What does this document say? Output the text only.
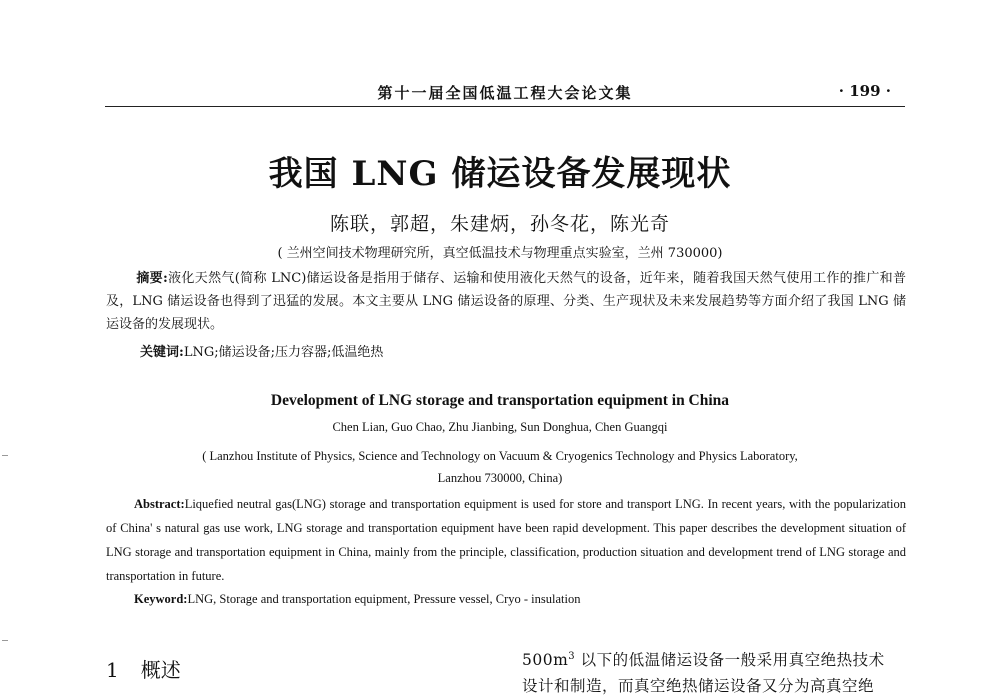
第十一届全国低温工程大会论文集	· 199 ·
我国 LNG 储运设备发展现状
陈联，郭超，朱建炳，孙冬花，陈光奇
( 兰州空间技术物理研究所，真空低温技术与物理重点实验室，兰州 730000)
摘要:液化天然气(简称 LNC)储运设备是指用于储存、运输和使用液化天然气的设备，近年来，随着我国天然气使用工作的推广和普及，LNG 储运设备也得到了迅猛的发展。本文主要从 LNG 储运设备的原理、分类、生产现状及未来发展趋势等方面介绍了我国 LNG 储运设备的发展现状。
关键词:LNG;储运设备;压力容器;低温绝热
Development of LNG storage and transportation equipment in China
Chen Lian, Guo Chao, Zhu Jianbing, Sun Donghua, Chen Guangqi
( Lanzhou Institute of Physics, Science and Technology on Vacuum & Cryogenics Technology and Physics Laboratory,
Lanzhou 730000, China)
Abstract:Liquefied neutral gas(LNG) storage and transportation equipment is used for store and transport LNG. In recent years, with the popularization of China' s natural gas use work, LNG storage and transportation equipment have been rapid development. This paper describes the development situation of LNG storage and transportation equipment in China, mainly from the principle, classification, production situation and development trend of LNG storage and transportation in future.
Keyword:LNG, Storage and transportation equipment, Pressure vessel, Cryo - insulation
1 概述	$500m^3$ 以下的低温储运设备一般采用真空绝热技术
设计和制造，而真空绝热储运设备又分为高真空绝
